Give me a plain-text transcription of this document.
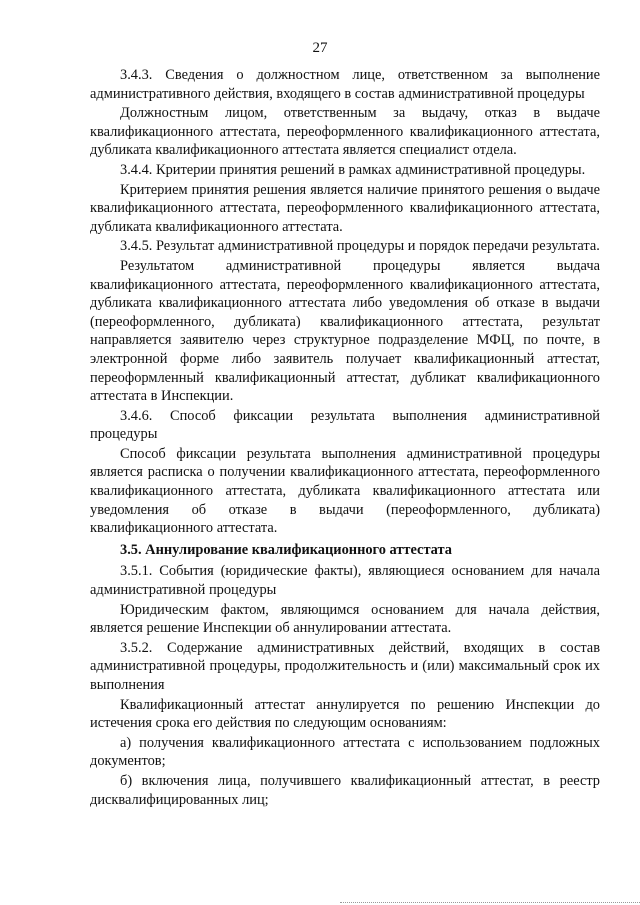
27

3.4.3. Сведения о должностном лице, ответственном за выполнение административного действия, входящего в состав административной процедуры

Должностным лицом, ответственным за выдачу, отказ в выдаче квалификационного аттестата, переоформленного квалификационного аттестата, дубликата квалификационного аттестата является специалист отдела.

3.4.4. Критерии принятия решений в рамках административной процедуры.

Критерием принятия решения является наличие принятого решения о выдаче квалификационного аттестата, переоформленного квалификационного аттестата, дубликата квалификационного аттестата.

3.4.5. Результат административной процедуры и порядок передачи результата.

Результатом административной процедуры является выдача квалификационного аттестата, переоформленного квалификационного аттестата, дубликата квалификационного аттестата либо уведомления об отказе в выдачи (переоформленного, дубликата) квалификационного аттестата, результат направляется заявителю через структурное подразделение МФЦ, по почте, в электронной форме либо заявитель получает квалификационный аттестат, переоформленный квалификационный аттестат, дубликат квалификационного аттестата в Инспекции.

3.4.6. Способ фиксации результата выполнения административной процедуры

Способ фиксации результата выполнения административной процедуры является расписка о получении квалификационного аттестата, переоформленного квалификационного аттестата, дубликата квалификационного аттестата или уведомления об отказе в выдачи (переоформленного, дубликата) квалификационного аттестата.

3.5. Аннулирование квалификационного аттестата

3.5.1. События (юридические факты), являющиеся основанием для начала административной процедуры

Юридическим фактом, являющимся основанием для начала действия, является решение Инспекции об аннулировании аттестата.

3.5.2. Содержание административных действий, входящих в состав административной процедуры, продолжительность и (или) максимальный срок их выполнения

Квалификационный аттестат аннулируется по решению Инспекции до истечения срока его действия по следующим основаниям:

а) получения квалификационного аттестата с использованием подложных документов;

б) включения лица, получившего квалификационный аттестат, в реестр дисквалифицированных лиц;
